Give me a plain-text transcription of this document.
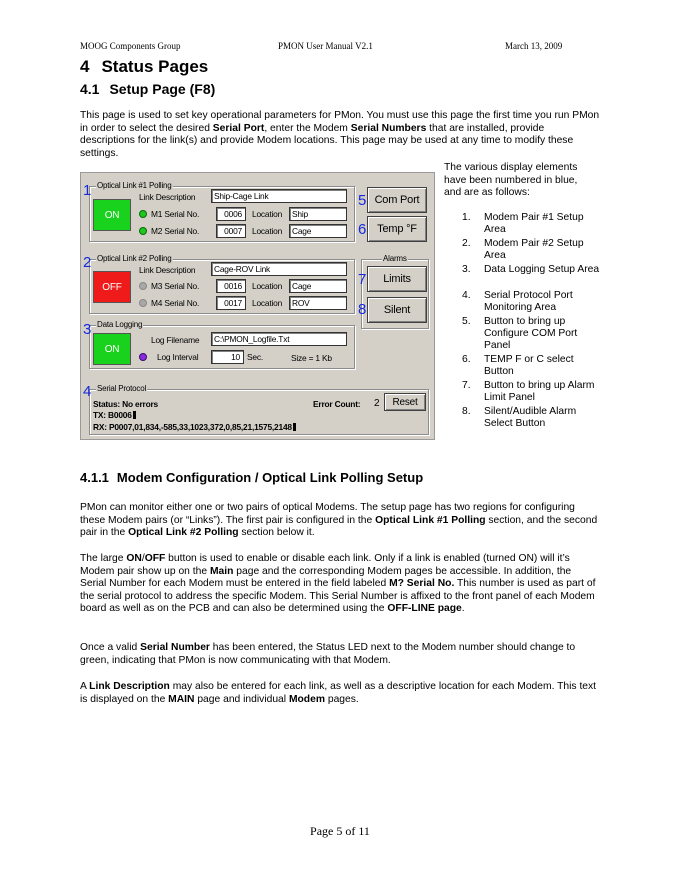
MOOG Components Group	PMON User Manual V2.1	March 13, 2009
4 Status Pages
4.1 Setup Page (F8)
This page is used to set key operational parameters for PMon. You must use this page the first time you run PMon in order to select the desired Serial Port, enter the Modem Serial Numbers that are installed, provide descriptions for the link(s) and provide Modem locations. This page may be used at any time to modify these settings.
Optical Link #1 Polling
1
ON
Link Description	Ship-Cage Link
M1 Serial No.	0006	Location	Ship
M2 Serial No.	0007	Location	Cage
Optical Link #2 Polling
2
OFF
Link Description	Cage-ROV Link
M3 Serial No.	0016	Location	Cage
M4 Serial No.	0017	Location	ROV
Data Logging
3
ON
Log Filename	C:\PMON_Logfile.Txt
Log Interval	10 Sec.	Size = 1 Kb
5 Com Port
6	Temp °F
Alarms
7	Limits
8	Silent
Serial Protocol
4
Status: No errors	Error Count: 2	Reset
TX: B0006
RX: P0007,01,834,-585,33,1023,372,0,85,21,1575,2148
The various display elements have been numbered in blue, and are as follows:
1. Modem Pair #1 Setup Area
2. Modem Pair #2 Setup Area
3. Data Logging Setup Area
4. Serial Protocol Port Monitoring Area
5. Button to bring up Configure COM Port Panel
6. TEMP F or C select Button
7. Button to bring up Alarm Limit Panel
8. Silent/Audible Alarm Select Button
4.1.1 Modem Configuration / Optical Link Polling Setup
PMon can monitor either one or two pairs of optical Modems. The setup page has two regions for configuring these Modem pairs (or “Links”). The first pair is configured in the Optical Link #1 Polling section, and the second pair in the Optical Link #2 Polling section below it.
The large ON/OFF button is used to enable or disable each link. Only if a link is enabled (turned ON) will it’s Modem pair show up on the Main page and the corresponding Modem pages be accessible. In addition, the Serial Number for each Modem must be entered in the field labeled M? Serial No. This number is used as part of the serial protocol to address the specific Modem. This Serial Number is affixed to the front panel of each Modem board as well as on the PCB and can also be determined using the OFF-LINE page.
Once a valid Serial Number has been entered, the Status LED next to the Modem number should change to green, indicating that PMon is now communicating with that Modem.
A Link Description may also be entered for each link, as well as a descriptive location for each Modem. This text is displayed on the MAIN page and individual Modem pages.
Page 5 of 11
